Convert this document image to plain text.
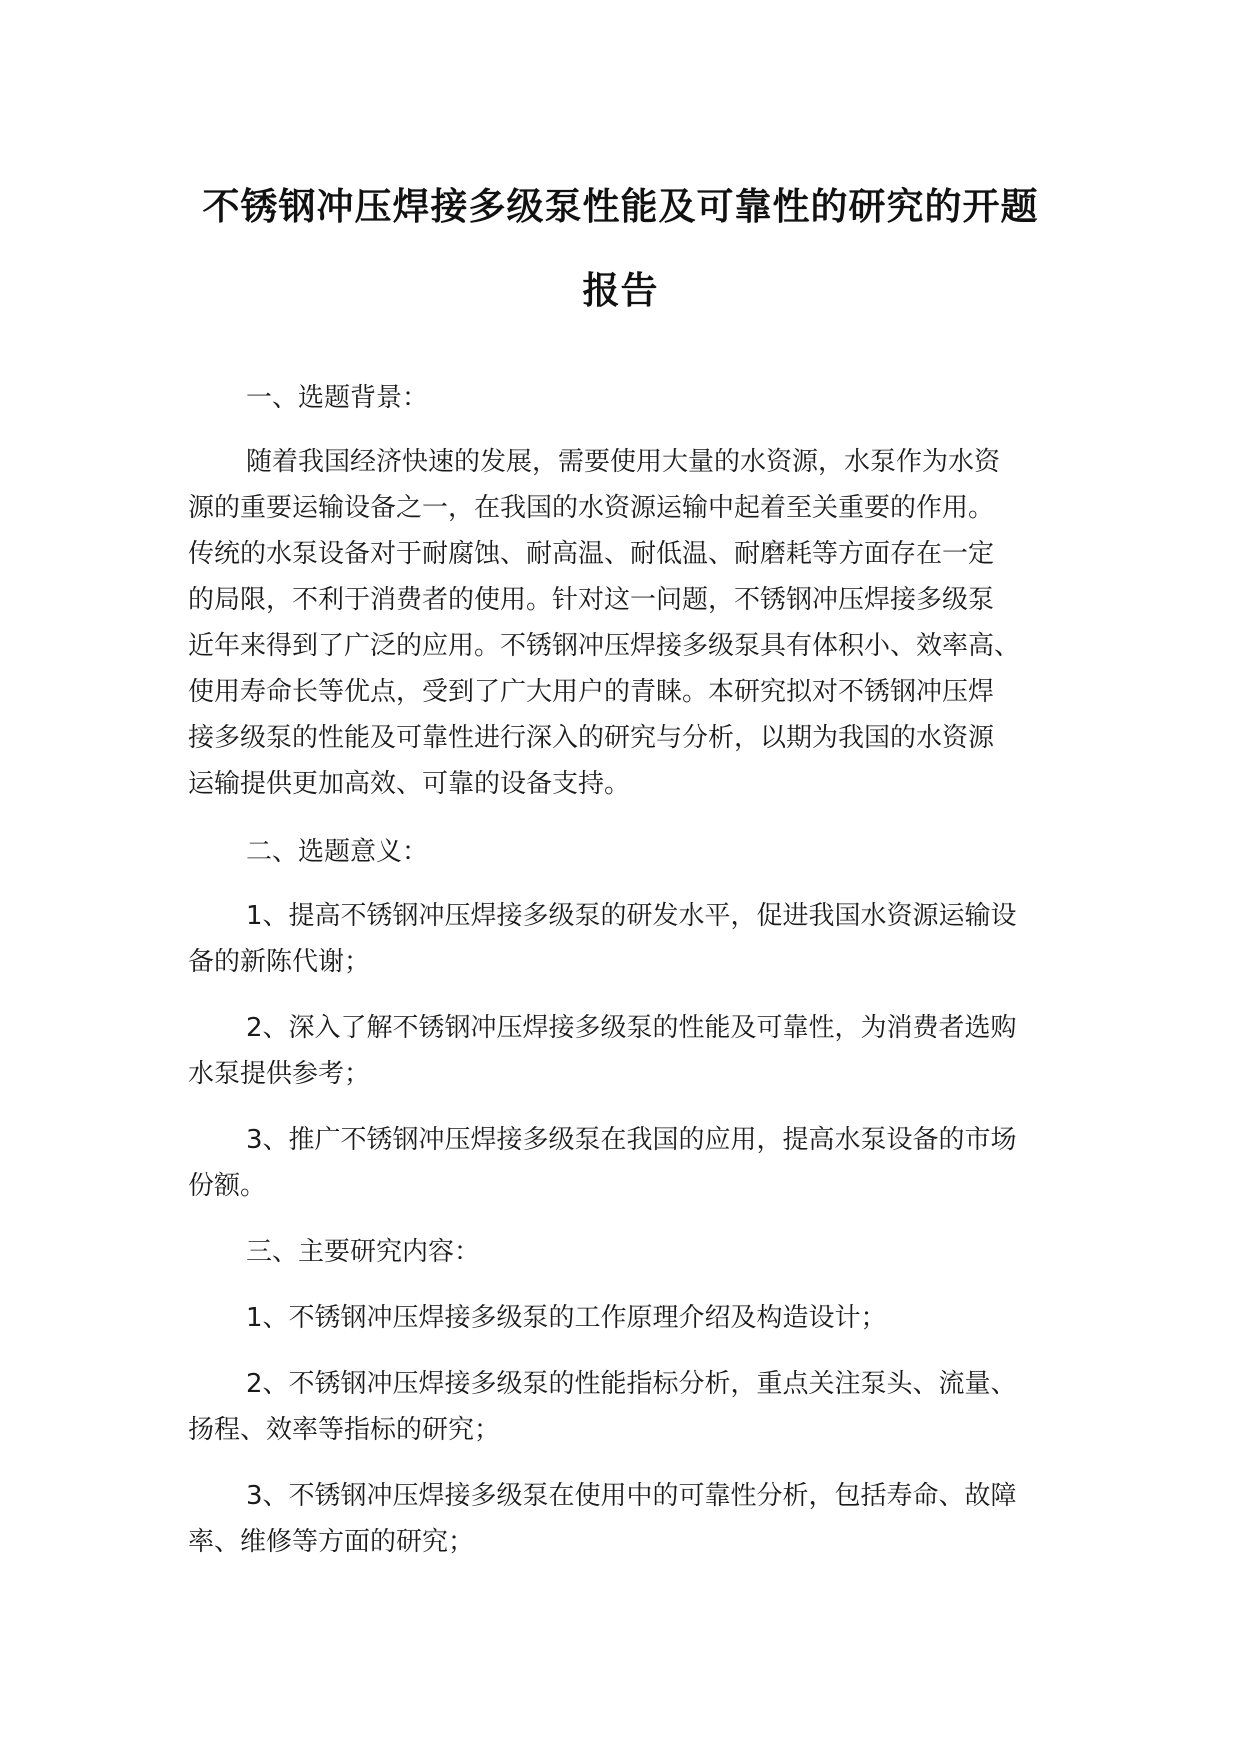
不锈钢冲压焊接多级泵性能及可靠性的研究的开题
报告
一、选题背景：
随着我国经济快速的发展，需要使用大量的水资源，水泵作为水资
源的重要运输设备之一，在我国的水资源运输中起着至关重要的作用。
传统的水泵设备对于耐腐蚀、耐高温、耐低温、耐磨耗等方面存在一定
的局限，不利于消费者的使用。针对这一问题，不锈钢冲压焊接多级泵
近年来得到了广泛的应用。不锈钢冲压焊接多级泵具有体积小、效率高、
使用寿命长等优点，受到了广大用户的青睐。本研究拟对不锈钢冲压焊
接多级泵的性能及可靠性进行深入的研究与分析，以期为我国的水资源
运输提供更加高效、可靠的设备支持。
二、选题意义：
1、提高不锈钢冲压焊接多级泵的研发水平，促进我国水资源运输设
备的新陈代谢；
2、深入了解不锈钢冲压焊接多级泵的性能及可靠性，为消费者选购
水泵提供参考；
3、推广不锈钢冲压焊接多级泵在我国的应用，提高水泵设备的市场
份额。
三、主要研究内容：
1、不锈钢冲压焊接多级泵的工作原理介绍及构造设计；
2、不锈钢冲压焊接多级泵的性能指标分析，重点关注泵头、流量、
扬程、效率等指标的研究；
3、不锈钢冲压焊接多级泵在使用中的可靠性分析，包括寿命、故障
率、维修等方面的研究；
